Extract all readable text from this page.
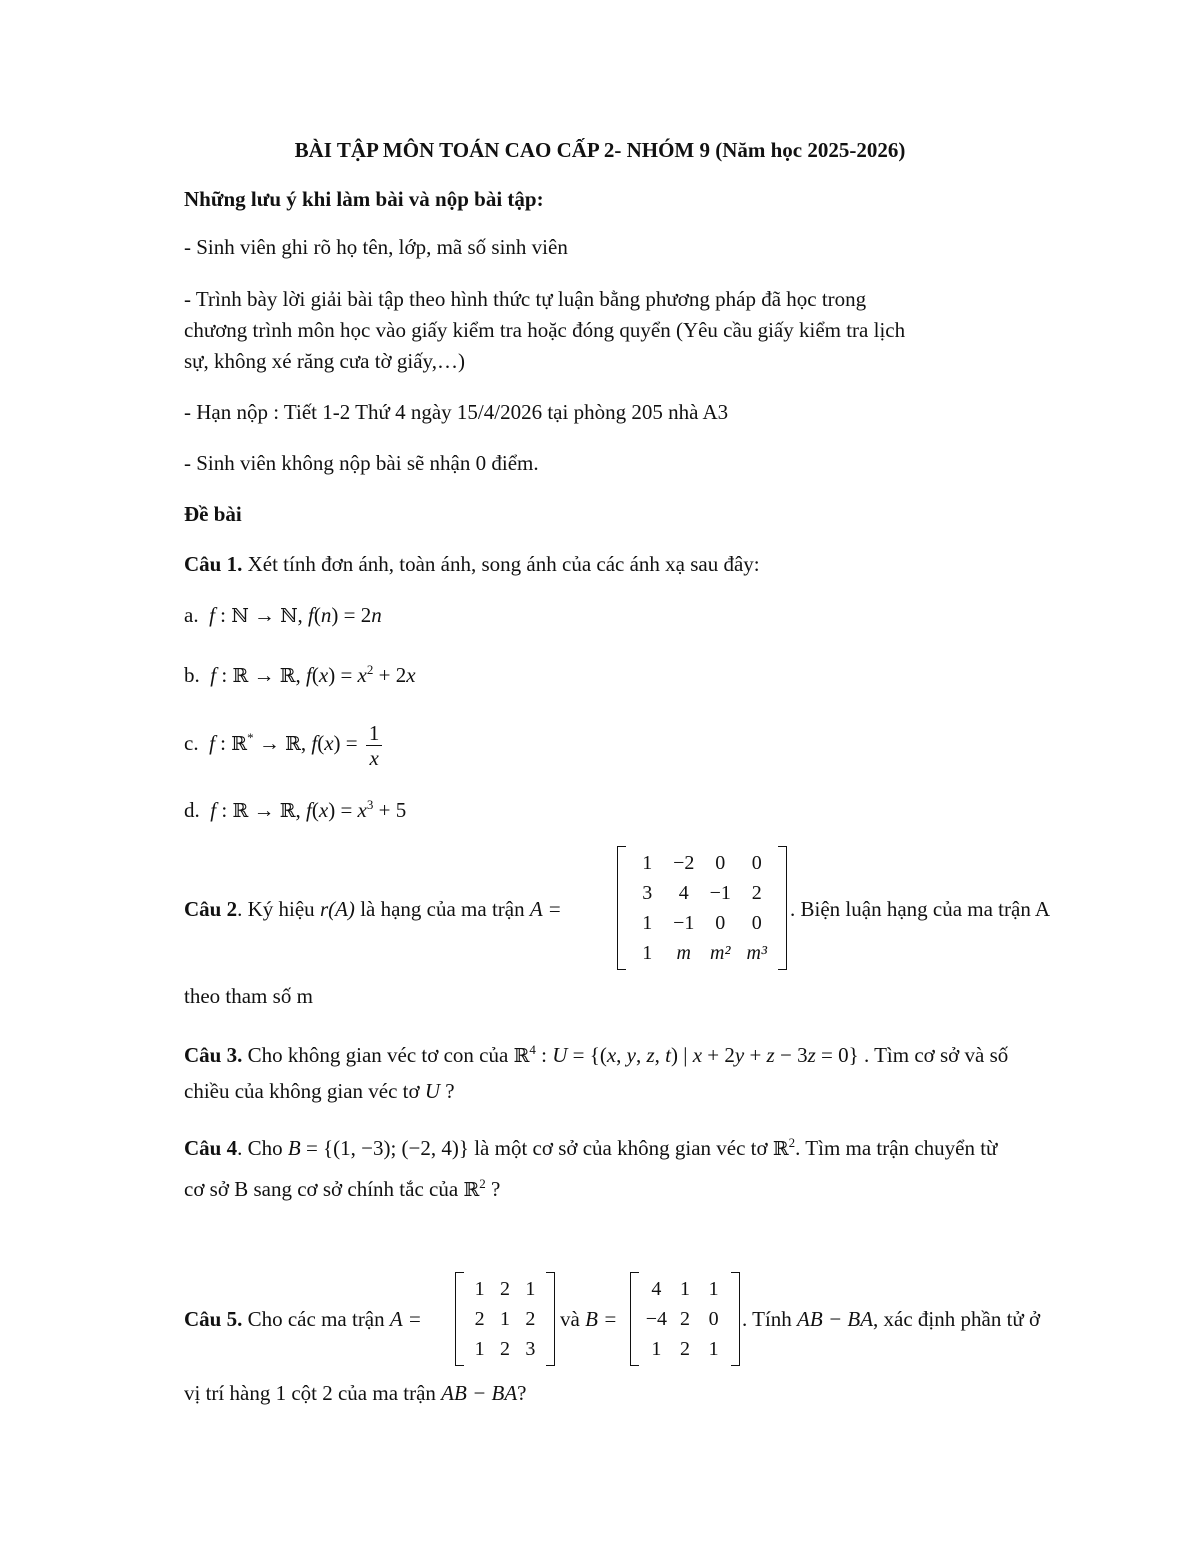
BÀI TẬP MÔN TOÁN CAO CẤP 2- NHÓM 9 (Năm học 2025-2026)
Những lưu ý khi làm bài và nộp bài tập:
- Sinh viên ghi rõ họ tên, lớp, mã số sinh viên
- Trình bày lời giải bài tập theo hình thức tự luận bằng phương pháp đã học trong
chương trình môn học vào giấy kiểm tra hoặc đóng quyển (Yêu cầu giấy kiểm tra lịch
sự, không xé răng cưa tờ giấy,…)
- Hạn nộp : Tiết 1-2 Thứ 4 ngày 15/4/2026 tại phòng 205 nhà A3
- Sinh viên không nộp bài sẽ nhận 0 điểm.
Đề bài
Câu 1. Xét tính đơn ánh, toàn ánh, song ánh của các ánh xạ sau đây:
a. f : ℕ → ℕ, f(n) = 2n
b. f : ℝ → ℝ, $f(x) = x^2 + 2x$
c. f : ℝ* → ℝ, $f(x) = \frac{1}{x}$
d. f : ℝ → ℝ, $f(x) = x^3 + 5$
Câu 2. Ký hiệu r(A) là hạng của ma trận A =
1	−2	0	0
3	4	−1	2
1	−1	0	0
1	m m² m³
. Biện luận hạng của ma trận A
theo tham số m
Câu 3. Cho không gian véc tơ con của ℝ$^4$ : U = {(x, y, z, t) | x + 2y + z − 3z = 0} . Tìm cơ sở và số
chiều của không gian véc tơ U ?
Câu 4. Cho B = {(1, −3); (−2, 4)} là một cơ sở của không gian véc tơ ℝ$^2$. Tìm ma trận chuyển từ
cơ sở B sang cơ sở chính tắc của ℝ$^2$ ?
Câu 5. Cho các ma trận A =
1 2 1
2 1 2
1 2 3
và B =
4 1 1
−4 2 0
1 2 1
. Tính AB − BA, xác định phần tử ở
vị trí hàng 1 cột 2 của ma trận AB − BA?
